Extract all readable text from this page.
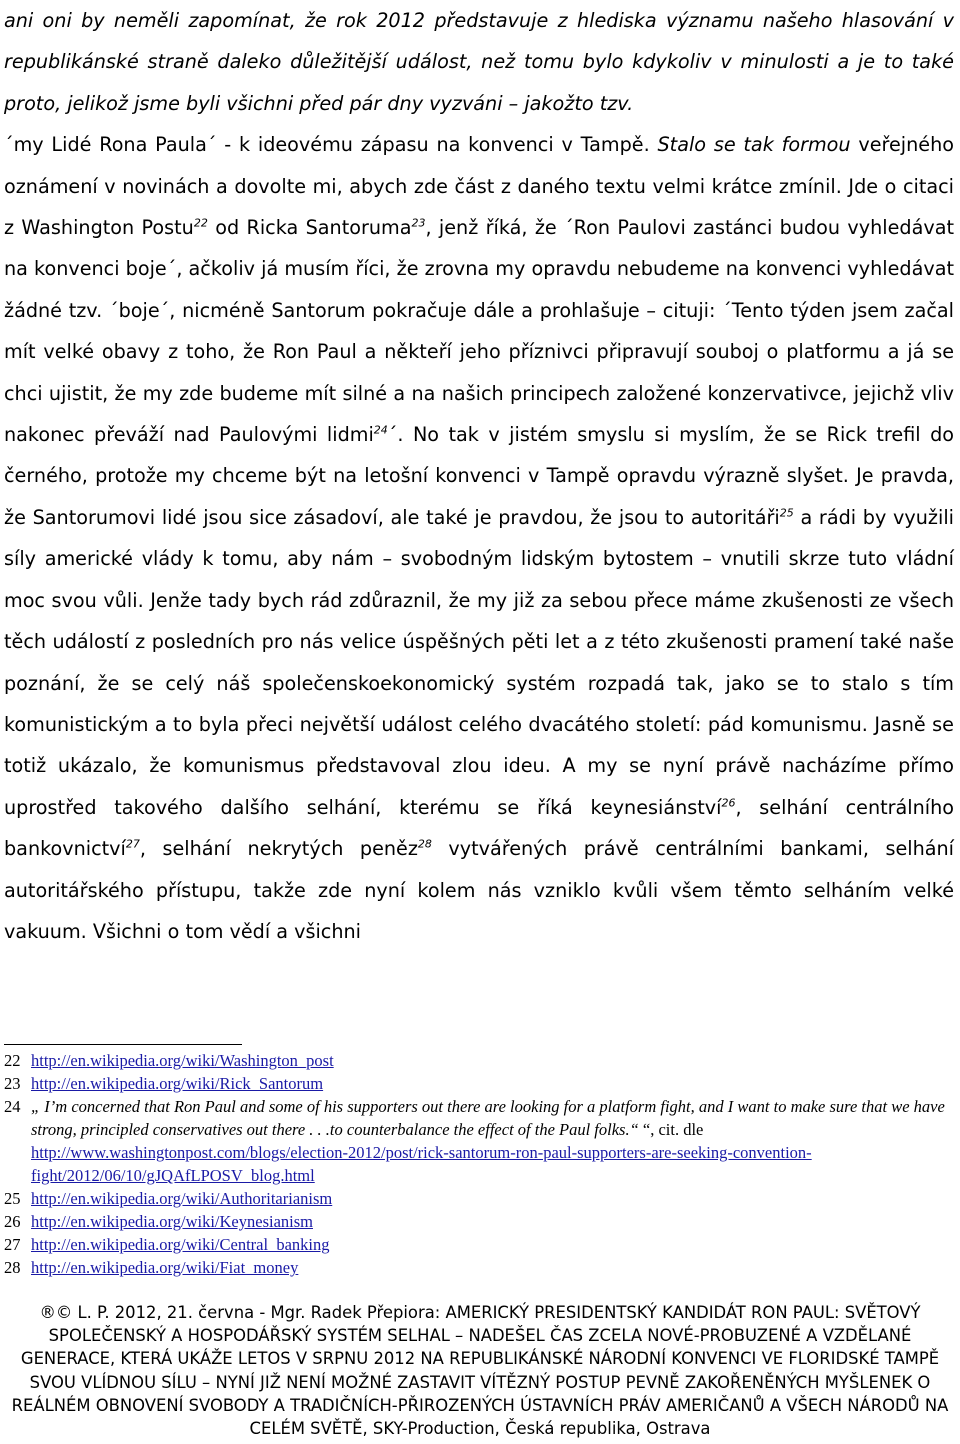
ani oni by neměli zapomínat, že rok 2012 představuje z hlediska významu našeho hlasování v republikánské straně daleko důležitější událost, než tomu bylo kdykoliv v minulosti a je to také proto, jelikož jsme byli všichni před pár dny vyzváni – jakožto tzv.
´my Lidé Rona Paula´ - k ideovému zápasu na konvenci v Tampě. Stalo se tak formou veřejného oznámení v novinách a dovolte mi, abych zde část z daného textu velmi krátce zmínil. Jde o citaci z Washington Postu$^{22}$ od Ricka Santoruma$^{23}$, jenž říká, že ´Ron Paulovi zastánci budou vyhledávat na konvenci boje´, ačkoliv já musím říci, že zrovna my opravdu nebudeme na konvenci vyhledávat žádné tzv. ´boje´, nicméně Santorum pokračuje dále a prohlašuje – cituji: ´Tento týden jsem začal mít velké obavy z toho, že Ron Paul a někteří jeho příznivci připravují souboj o platformu a já se chci ujistit, že my zde budeme mít silné a na našich principech založené konzervativce, jejichž vliv nakonec převáží nad Paulovými lidmi$^{24}$´. No tak v jistém smyslu si myslím, že se Rick trefil do černého, protože my chceme být na letošní konvenci v Tampě opravdu výrazně slyšet. Je pravda, že Santorumovi lidé jsou sice zásadoví, ale také je pravdou, že jsou to autoritáři$^{25}$ a rádi by využili síly americké vlády k tomu, aby nám – svobodným lidským bytostem – vnutili skrze tuto vládní moc svou vůli. Jenže tady bych rád zdůraznil, že my již za sebou přece máme zkušenosti ze všech těch událostí z posledních pro nás velice úspěšných pěti let a z této zkušenosti pramení také naše poznání, že se celý náš společenskoekonomický systém rozpadá tak, jako se to stalo s tím komunistickým a to byla přeci největší událost celého dvacátého století: pád komunismu. Jasně se totiž ukázalo, že komunismus představoval zlou ideu. A my se nyní právě nacházíme přímo uprostřed takového dalšího selhání, kterému se říká keynesiánství$^{26}$, selhání centrálního bankovnictví$^{27}$, selhání nekrytých peněz$^{28}$ vytvářených právě centrálními bankami, selhání autoritářského přístupu, takže zde nyní kolem nás vzniklo kvůli všem těmto selháním velké vakuum. Všichni o tom vědí a všichni

22 http://en.wikipedia.org/wiki/Washington_post
23 http://en.wikipedia.org/wiki/Rick_Santorum
24 „ I’m concerned that Ron Paul and some of his supporters out there are looking for a platform fight, and I want to make sure that we have strong, principled conservatives out there . . .to counterbalance the effect of the Paul folks.“ “, cit. dle http://www.washingtonpost.com/blogs/election-2012/post/rick-santorum-ron-paul-supporters-are-seeking-convention-fight/2012/06/10/gJQAfLPOSV_blog.html
25 http://en.wikipedia.org/wiki/Authoritarianism
26 http://en.wikipedia.org/wiki/Keynesianism
27 http://en.wikipedia.org/wiki/Central_banking
28 http://en.wikipedia.org/wiki/Fiat_money
®© L. P. 2012, 21. června - Mgr. Radek Přepiora: AMERICKÝ PRESIDENTSKÝ KANDIDÁT RON PAUL: SVĚTOVÝ SPOLEČENSKÝ A HOSPODÁŘSKÝ SYSTÉM SELHAL – NADEŠEL ČAS ZCELA NOVÉ-PROBUZENÉ A VZDĚLANÉ GENERACE, KTERÁ UKÁŽE LETOS V SRPNU 2012 NA REPUBLIKÁNSKÉ NÁRODNÍ KONVENCI VE FLORIDSKÉ TAMPĚ SVOU VLÍDNOU SÍLU – NYNÍ JIŽ NENÍ MOŽNÉ ZASTAVIT VÍTĚZNÝ POSTUP PEVNĚ ZAKOŘENĚNÝCH MYŠLENEK O REÁLNÉM OBNOVENÍ SVOBODY A TRADIČNÍCH-PŘIROZENÝCH ÚSTAVNÍCH PRÁV AMERIČANŮ A VŠECH NÁRODŮ NA CELÉM SVĚTĚ, SKY-Production, Česká republika, Ostrava
